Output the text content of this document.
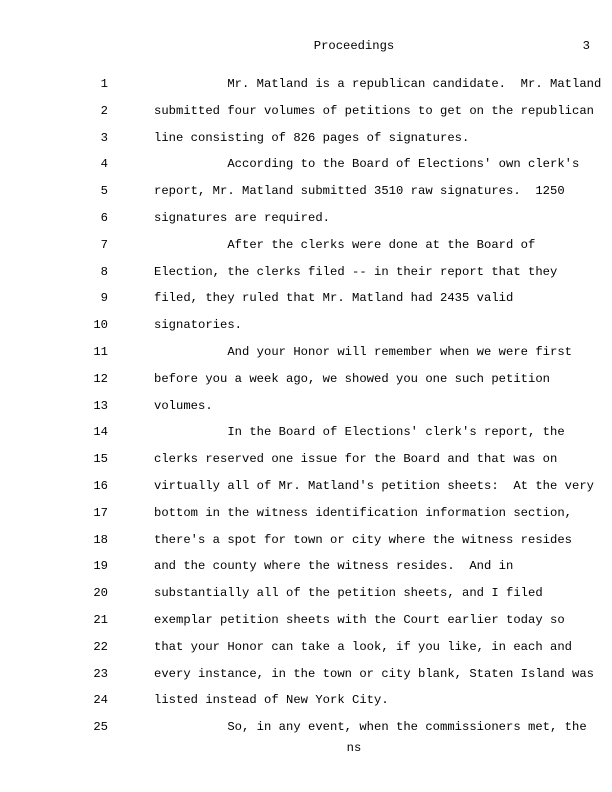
Proceedings	3
1	Mr. Matland is a republican candidate.  Mr. Matland
2	submitted four volumes of petitions to get on the republican
3	line consisting of 826 pages of signatures.
4	According to the Board of Elections' own clerk's
5	report, Mr. Matland submitted 3510 raw signatures.  1250
6	signatures are required.
7	After the clerks were done at the Board of
8	Election, the clerks filed -- in their report that they
9	filed, they ruled that Mr. Matland had 2435 valid
10	signatories.
11	And your Honor will remember when we were first
12	before you a week ago, we showed you one such petition
13	volumes.
14	In the Board of Elections' clerk's report, the
15	clerks reserved one issue for the Board and that was on
16	virtually all of Mr. Matland's petition sheets:  At the very
17	bottom in the witness identification information section,
18	there's a spot for town or city where the witness resides
19	and the county where the witness resides.  And in
20	substantially all of the petition sheets, and I filed
21	exemplar petition sheets with the Court earlier today so
22	that your Honor can take a look, if you like, in each and
23	every instance, in the town or city blank, Staten Island was
24	listed instead of New York City.
25	So, in any event, when the commissioners met, the
ns
